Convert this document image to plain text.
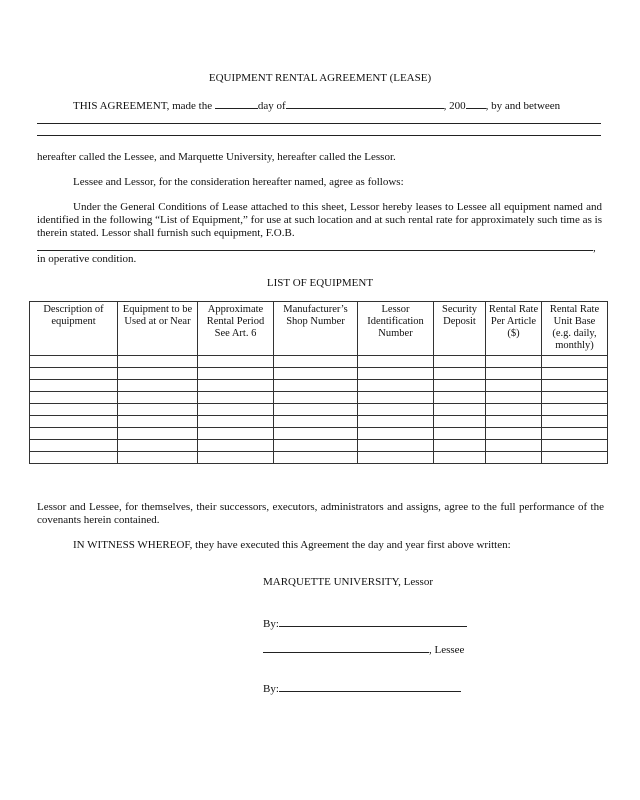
EQUIPMENT RENTAL AGREEMENT (LEASE)
THIS AGREEMENT, made the	day of	, 200 , by and between
hereafter called the Lessee, and Marquette University, hereafter called the Lessor.
Lessee and Lessor, for the consideration hereafter named, agree as follows:
Under the General Conditions of Lease attached to this sheet, Lessor hereby leases to Lessee all equipment named and identified in the following “List of Equipment,” for use at such location and at such rental rate for approximately such time as is therein stated. Lessor shall furnish such equipment, F.O.B.
,
in operative condition.
LIST OF EQUIPMENT
Description of equipment	Equipment to be Used at or Near	Approximate Rental Period See Art. 6	Manufacturer’s Shop Number	Lessor Identification Number	Security Deposit	Rental Rate Per Article ($)	Rental Rate Unit Base (e.g. daily, monthly)

Lessor and Lessee, for themselves, their successors, executors, administrators and assigns, agree to the full performance of the covenants herein contained.
IN WITNESS WHEREOF, they have executed this Agreement the day and year first above written:
MARQUETTE UNIVERSITY, Lessor
By:
, Lessee
By:
